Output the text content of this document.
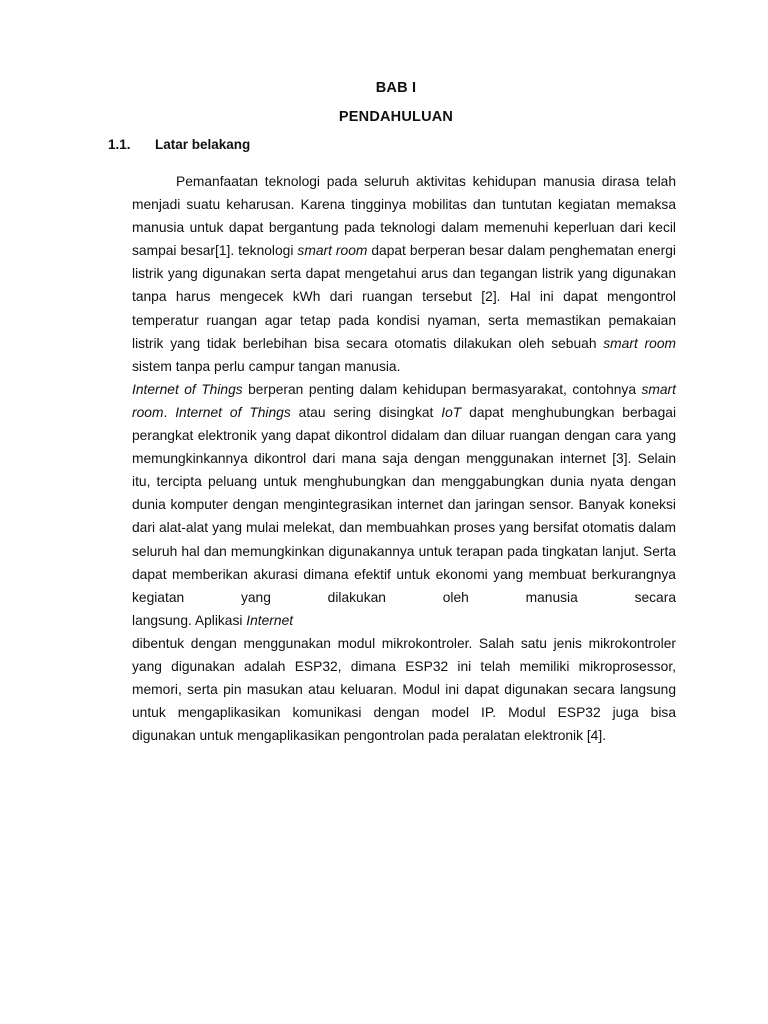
BAB I
PENDAHULUAN
1.1. Latar belakang

Pemanfaatan teknologi pada seluruh aktivitas kehidupan manusia dirasa telah menjadi suatu keharusan. Karena tingginya mobilitas dan tuntutan kegiatan memaksa manusia untuk dapat bergantung pada teknologi dalam memenuhi keperluan dari kecil sampai besar[1]. teknologi smart room dapat berperan besar dalam penghematan energi listrik yang digunakan serta dapat mengetahui arus dan tegangan listrik yang digunakan tanpa harus mengecek kWh dari ruangan tersebut [2]. Hal ini dapat mengontrol temperatur ruangan agar tetap pada kondisi nyaman, serta memastikan pemakaian listrik yang tidak berlebihan bisa secara otomatis dilakukan oleh sebuah smart room sistem tanpa perlu campur tangan manusia.

Internet of Things berperan penting dalam kehidupan bermasyarakat, contohnya smart room. Internet of Things atau sering disingkat IoT dapat menghubungkan berbagai perangkat elektronik yang dapat dikontrol didalam dan diluar ruangan dengan cara yang memungkinkannya dikontrol dari mana saja dengan menggunakan internet [3]. Selain itu, tercipta peluang untuk menghubungkan dan menggabungkan dunia nyata dengan dunia komputer dengan mengintegrasikan internet dan jaringan sensor. Banyak koneksi dari alat-alat yang mulai melekat, dan membuahkan proses yang bersifat otomatis dalam seluruh hal dan memungkinkan digunakannya untuk terapan pada tingkatan lanjut. Serta dapat memberikan akurasi dimana efektif untuk ekonomi yang membuat berkurangnya kegiatan yang dilakukan oleh manusia secara

langsung. Aplikasi Internet

dibentuk dengan menggunakan modul mikrokontroler. Salah satu jenis mikrokontroler yang digunakan adalah ESP32, dimana ESP32 ini telah memiliki mikroprosessor, memori, serta pin masukan atau keluaran. Modul ini dapat digunakan secara langsung untuk mengaplikasikan komunikasi dengan model IP. Modul ESP32 juga bisa

digunakan untuk mengaplikasikan pengontrolan pada peralatan elektronik [4].
